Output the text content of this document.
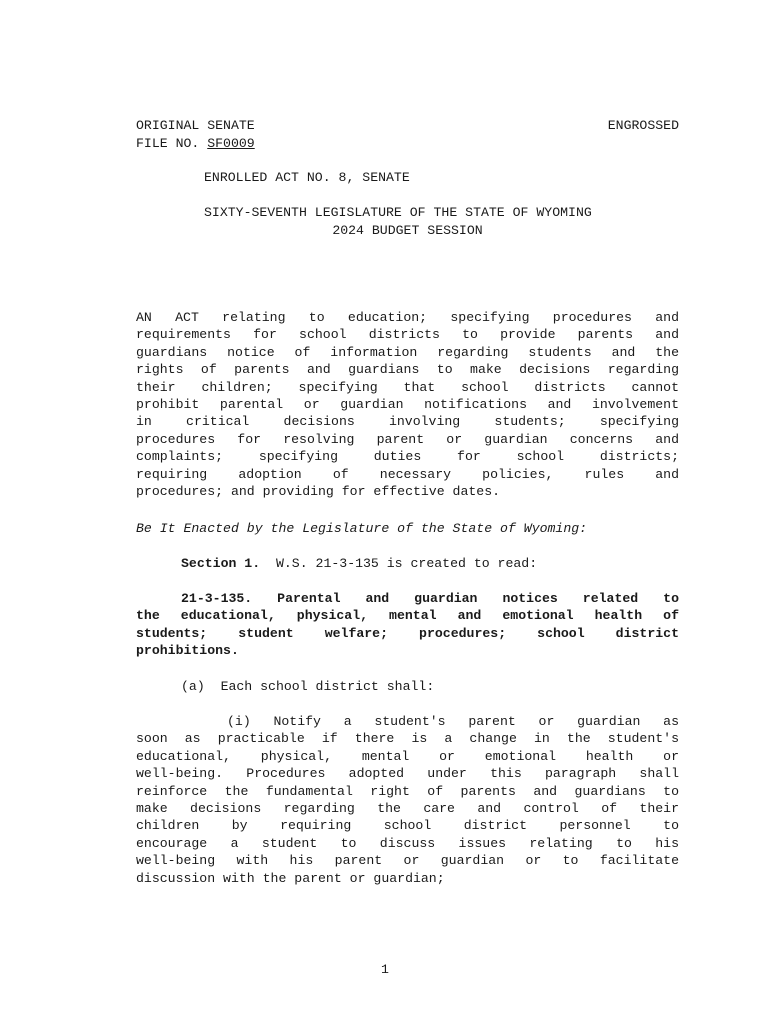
ORIGINAL SENATE	ENGROSSED
FILE NO.
SF0009
ENROLLED ACT NO. 8, SENATE
SIXTY-SEVENTH LEGISLATURE OF THE STATE OF WYOMING
2024 BUDGET SESSION
AN ACT relating to education; specifying procedures and
requirements for school districts to provide parents and
guardians notice of information regarding students and the
rights of parents and guardians to make decisions regarding
their children; specifying that school districts cannot
prohibit parental or guardian notifications and involvement
in critical decisions involving students; specifying
procedures for resolving parent or guardian concerns and
complaints; specifying duties for school districts;
requiring adoption of necessary policies, rules and
procedures; and providing for effective dates.
Be It Enacted by the Legislature of the State of Wyoming:
Section 1. W.S. 21-3-135 is created to read:
21-3-135. Parental and guardian notices related to
the educational, physical, mental and emotional health of
students; student welfare; procedures; school district
prohibitions.
(a)  Each school district shall:
(i) Notify a student's parent or guardian as
soon as practicable if there is a change in the student's
educational, physical, mental or emotional health or
well-being. Procedures adopted under this paragraph shall
reinforce the fundamental right of parents and guardians to
make decisions regarding the care and control of their
children by requiring school district personnel to
encourage a student to discuss issues relating to his
well-being with his parent or guardian or to facilitate
discussion with the parent or guardian;
1
